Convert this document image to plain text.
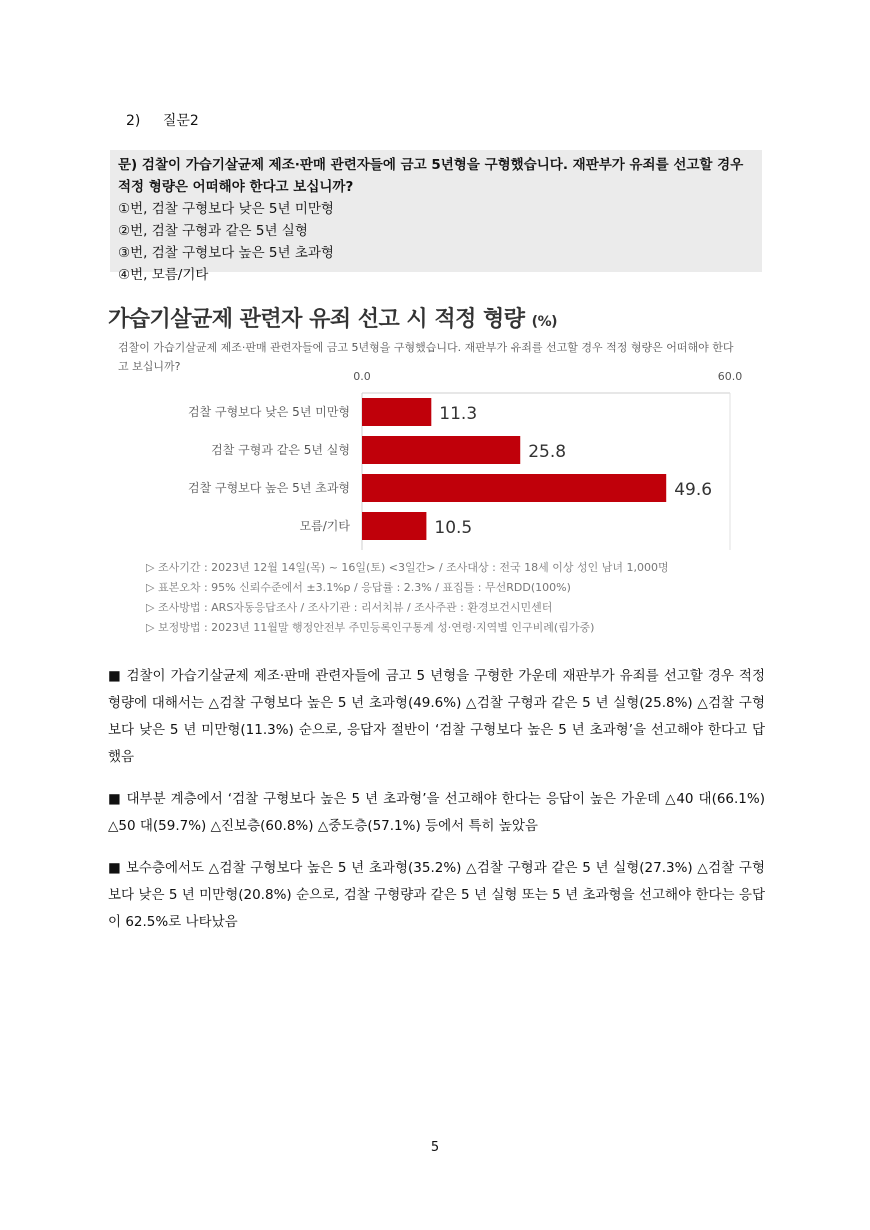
2) 질문2
문) 검찰이 가습기살균제 제조·판매 관련자들에 금고 5년형을 구형했습니다. 재판부가 유죄를 선고할 경우 적정 형량은 어떠해야 한다고 보십니까?
①번, 검찰 구형보다 낮은 5년 미만형
②번, 검찰 구형과 같은 5년 실형
③번, 검찰 구형보다 높은 5년 초과형
④번, 모름/기타
가습기살균제 관련자 유죄 선고 시 적정 형량 (%)
검찰이 가습기살균제 제조·판매 관련자들에 금고 5년형을 구형했습니다. 재판부가 유죄를 선고할 경우 적정 형량은 어떠해야 한다고 보십니까?
0.0	60.0
검찰 구형보다 낮은 5년 미만형	11.3
검찰 구형과 같은 5년 실형	25.8
검찰 구형보다 높은 5년 초과형	49.6
모름/기타	10.5
▷ 조사기간 : 2023년 12월 14일(목) ~ 16일(토) <3일간> / 조사대상 : 전국 18세 이상 성인 남녀 1,000명
▷ 표본오차 : 95% 신뢰수준에서 ±3.1%p / 응답률 : 2.3% / 표집틀 : 무선RDD(100%)
▷ 조사방법 : ARS자동응답조사 / 조사기관 : 리서치뷰 / 조사주관 : 환경보건시민센터
▷ 보정방법 : 2023년 11월말 행정안전부 주민등록인구통계 성·연령·지역별 인구비례(림가중)
■ 검찰이 가습기살균제 제조·판매 관련자들에 금고 5 년형을 구형한 가운데 재판부가 유죄를 선고할 경우 적정 형량에 대해서는 △검찰 구형보다 높은 5 년 초과형(49.6%) △검찰 구형과 같은 5 년 실형(25.8%) △검찰 구형보다 낮은 5 년 미만형(11.3%) 순으로, 응답자 절반이 ‘검찰 구형보다 높은 5 년 초과형’을 선고해야 한다고 답했음
■ 대부분 계층에서 ‘검찰 구형보다 높은 5 년 초과형’을 선고해야 한다는 응답이 높은 가운데 △40 대(66.1%) △50 대(59.7%) △진보층(60.8%) △중도층(57.1%) 등에서 특히 높았음
■ 보수층에서도 △검찰 구형보다 높은 5 년 초과형(35.2%) △검찰 구형과 같은 5 년 실형(27.3%) △검찰 구형보다 낮은 5 년 미만형(20.8%) 순으로, 검찰 구형량과 같은 5 년 실형 또는 5 년 초과형을 선고해야 한다는 응답이 62.5%로 나타났음
5
